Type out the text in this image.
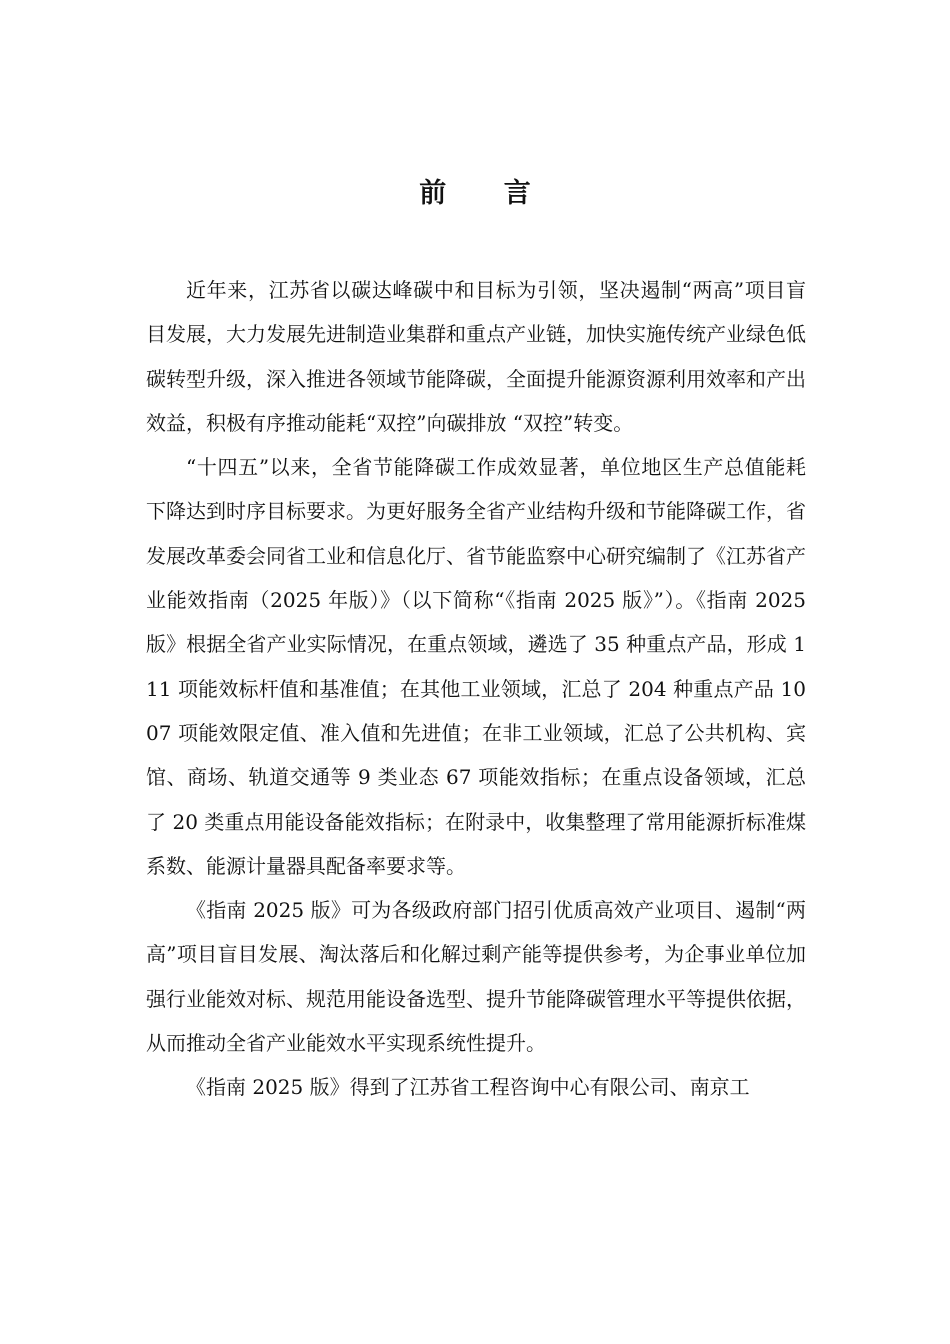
前 言

近年来，江苏省以碳达峰碳中和目标为引领，坚决遏制“两高”项目盲目发展，大力发展先进制造业集群和重点产业链，加快实施传统产业绿色低碳转型升级，深入推进各领域节能降碳，全面提升能源资源利用效率和产出效益，积极有序推动能耗“双控”向碳排放 “双控”转变。

“十四五”以来，全省节能降碳工作成效显著，单位地区生产总值能耗下降达到时序目标要求。为更好服务全省产业结构升级和节能降碳工作，省发展改革委会同省工业和信息化厅、省节能监察中心研究编制了《江苏省产业能效指南（2025 年版）》（以下简称“《指南 2025 版》”）。《指南 2025 版》根据全省产业实际情况，在重点领域，遴选了 35 种重点产品，形成 111 项能效标杆值和基准值；在其他工业领域，汇总了 204 种重点产品 1007 项能效限定值、准入值和先进值；在非工业领域，汇总了公共机构、宾馆、商场、轨道交通等 9 类业态 67 项能效指标；在重点设备领域，汇总了 20 类重点用能设备能效指标；在附录中，收集整理了常用能源折标准煤系数、能源计量器具配备率要求等。

《指南 2025 版》可为各级政府部门招引优质高效产业项目、遏制“两高”项目盲目发展、淘汰落后和化解过剩产能等提供参考，为企事业单位加强行业能效对标、规范用能设备选型、提升节能降碳管理水平等提供依据，从而推动全省产业能效水平实现系统性提升。

《指南 2025 版》得到了江苏省工程咨询中心有限公司、南京工
